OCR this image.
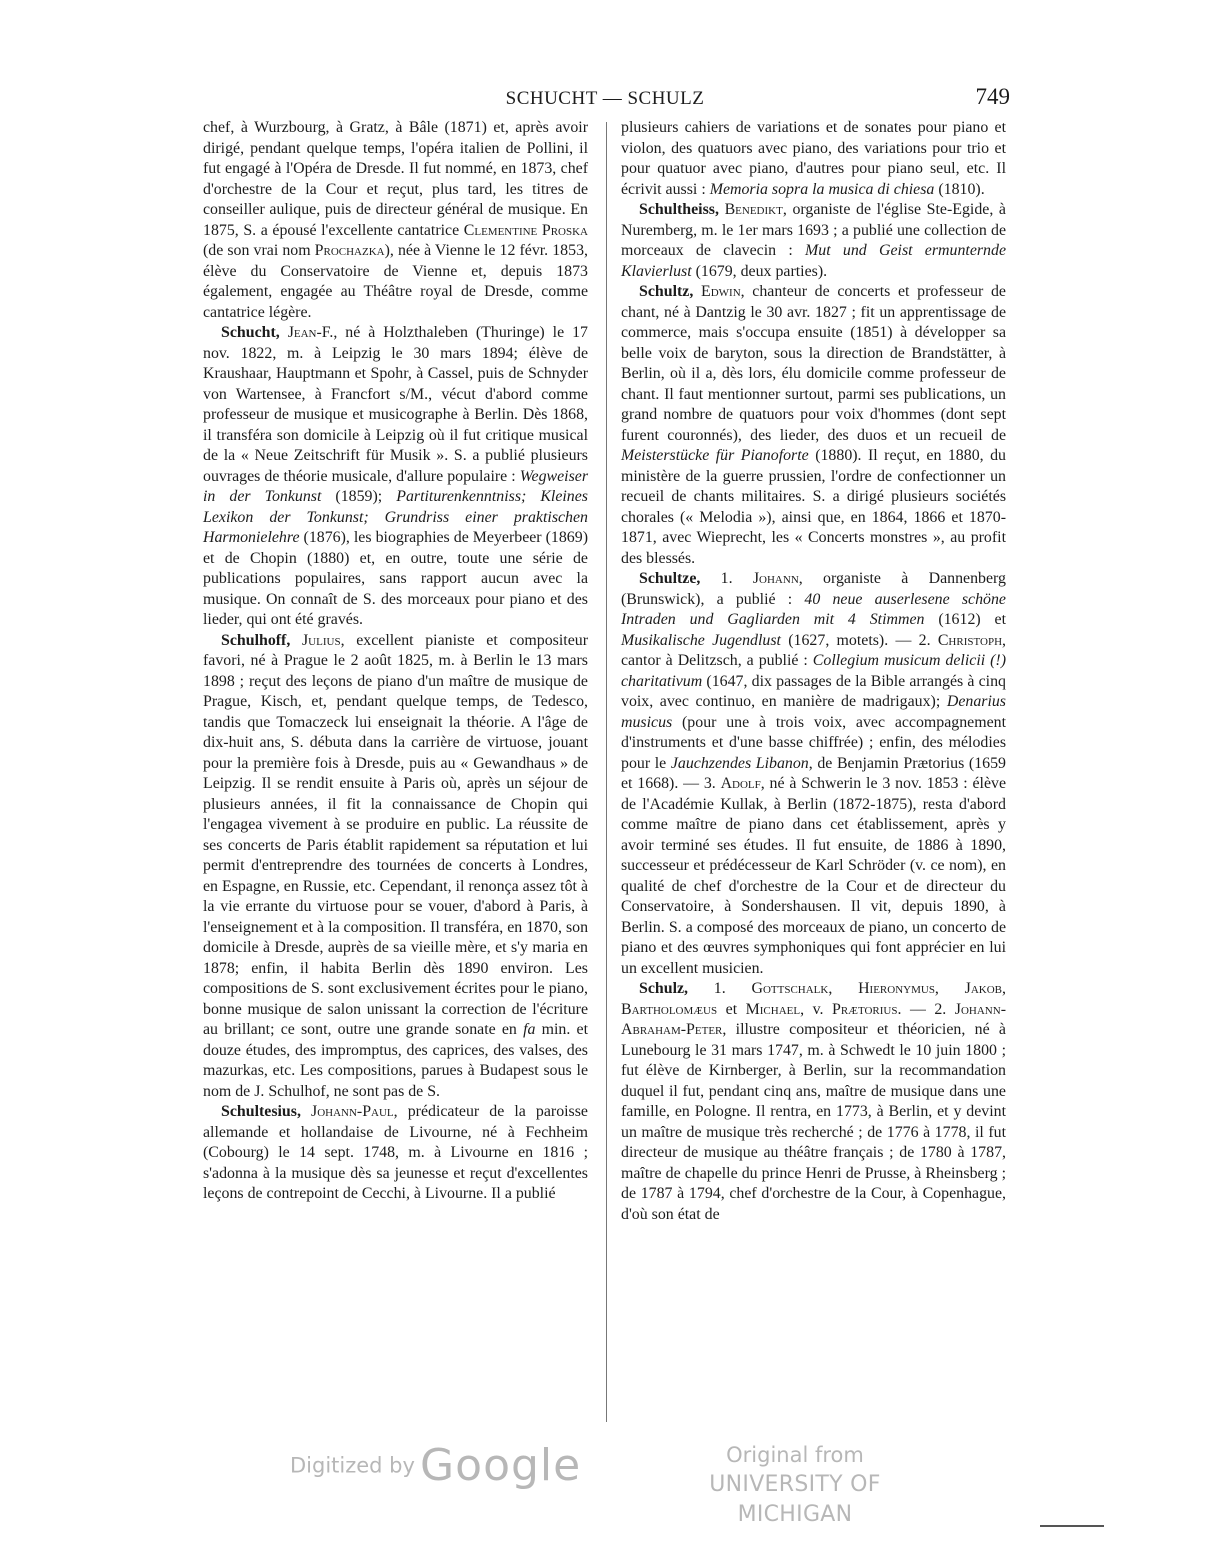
SCHUCHT — SCHULZ	749

chef, à Wurzbourg, à Gratz, à Bâle (1871) et, après avoir dirigé, pendant quelque temps, l'opéra italien de Pollini, il fut engagé à l'Opéra de Dresde. Il fut nommé, en 1873, chef d'orchestre de la Cour et reçut, plus tard, les titres de conseiller aulique, puis de directeur général de musique. En 1875, S. a épousé l'excellente cantatrice Clementine Proska (de son vrai nom Prochazka), née à Vienne le 12 févr. 1853, élève du Conservatoire de Vienne et, depuis 1873 également, engagée au Théâtre royal de Dresde, comme cantatrice légère.

Schucht, Jean-F., né à Holzthaleben (Thuringe) le 17 nov. 1822, m. à Leipzig le 30 mars 1894; élève de Kraushaar, Hauptmann et Spohr, à Cassel, puis de Schnyder von Wartensee, à Francfort s/M., vécut d'abord comme professeur de musique et musicographe à Berlin. Dès 1868, il transféra son domicile à Leipzig où il fut critique musical de la « Neue Zeitschrift für Musik ». S. a publié plusieurs ouvrages de théorie musicale, d'allure populaire : Wegweiser in der Tonkunst (1859); Partiturenkenntniss; Kleines Lexikon der Tonkunst; Grundriss einer praktischen Harmonielehre (1876), les biographies de Meyerbeer (1869) et de Chopin (1880) et, en outre, toute une série de publications populaires, sans rapport aucun avec la musique. On connaît de S. des morceaux pour piano et des lieder, qui ont été gravés.

Schulhoff, Julius, excellent pianiste et compositeur favori, né à Prague le 2 août 1825, m. à Berlin le 13 mars 1898 ; reçut des leçons de piano d'un maître de musique de Prague, Kisch, et, pendant quelque temps, de Tedesco, tandis que Tomaczeck lui enseignait la théorie. A l'âge de dix-huit ans, S. débuta dans la carrière de virtuose, jouant pour la première fois à Dresde, puis au « Gewandhaus » de Leipzig. Il se rendit ensuite à Paris où, après un séjour de plusieurs années, il fit la connaissance de Chopin qui l'engagea vivement à se produire en public. La réussite de ses concerts de Paris établit rapidement sa réputation et lui permit d'entreprendre des tournées de concerts à Londres, en Espagne, en Russie, etc. Cependant, il renonça assez tôt à la vie errante du virtuose pour se vouer, d'abord à Paris, à l'enseignement et à la composition. Il transféra, en 1870, son domicile à Dresde, auprès de sa vieille mère, et s'y maria en 1878; enfin, il habita Berlin dès 1890 environ. Les compositions de S. sont exclusivement écrites pour le piano, bonne musique de salon unissant la correction de l'écriture au brillant; ce sont, outre une grande sonate en fa min. et douze études, des impromptus, des caprices, des valses, des mazurkas, etc. Les compositions, parues à Budapest sous le nom de J. Schulhof, ne sont pas de S.

Schultesius, Johann-Paul, prédicateur de la paroisse allemande et hollandaise de Livourne, né à Fechheim (Cobourg) le 14 sept. 1748, m. à Livourne en 1816 ; s'adonna à la musique dès sa jeunesse et reçut d'excellentes leçons de contrepoint de Cecchi, à Livourne. Il a publié

plusieurs cahiers de variations et de sonates pour piano et violon, des quatuors avec piano, des variations pour trio et pour quatuor avec piano, d'autres pour piano seul, etc. Il écrivit aussi : Memoria sopra la musica di chiesa (1810).

Schultheiss, Benedikt, organiste de l'église Ste-Egide, à Nuremberg, m. le 1er mars 1693 ; a publié une collection de morceaux de clavecin : Mut und Geist ermunternde Klavierlust (1679, deux parties).

Schultz, Edwin, chanteur de concerts et professeur de chant, né à Dantzig le 30 avr. 1827 ; fit un apprentissage de commerce, mais s'occupa ensuite (1851) à développer sa belle voix de baryton, sous la direction de Brandstätter, à Berlin, où il a, dès lors, élu domicile comme professeur de chant. Il faut mentionner surtout, parmi ses publications, un grand nombre de quatuors pour voix d'hommes (dont sept furent couronnés), des lieder, des duos et un recueil de Meisterstücke für Pianoforte (1880). Il reçut, en 1880, du ministère de la guerre prussien, l'ordre de confectionner un recueil de chants militaires. S. a dirigé plusieurs sociétés chorales (« Melodia »), ainsi que, en 1864, 1866 et 1870-1871, avec Wieprecht, les « Concerts monstres », au profit des blessés.

Schultze, 1. Johann, organiste à Dannenberg (Brunswick), a publié : 40 neue auserlesene schöne Intraden und Gagliarden mit 4 Stimmen (1612) et Musikalische Jugendlust (1627, motets). — 2. Christoph, cantor à Delitzsch, a publié : Collegium musicum delicii (!) charitativum (1647, dix passages de la Bible arrangés à cinq voix, avec continuo, en manière de madrigaux); Denarius musicus (pour une à trois voix, avec accompagnement d'instruments et d'une basse chiffrée) ; enfin, des mélodies pour le Jauchzendes Libanon, de Benjamin Prætorius (1659 et 1668). — 3. Adolf, né à Schwerin le 3 nov. 1853 : élève de l'Académie Kullak, à Berlin (1872-1875), resta d'abord comme maître de piano dans cet établissement, après y avoir terminé ses études. Il fut ensuite, de 1886 à 1890, successeur et prédécesseur de Karl Schröder (v. ce nom), en qualité de chef d'orchestre de la Cour et de directeur du Conservatoire, à Sondershausen. Il vit, depuis 1890, à Berlin. S. a composé des morceaux de piano, un concerto de piano et des œuvres symphoniques qui font apprécier en lui un excellent musicien.

Schulz, 1. Gottschalk, Hieronymus, Jakob, Bartholomæus et Michael, v. Prætorius. — 2. Johann-Abraham-Peter, illustre compositeur et théoricien, né à Lunebourg le 31 mars 1747, m. à Schwedt le 10 juin 1800 ; fut élève de Kirnberger, à Berlin, sur la recommandation duquel il fut, pendant cinq ans, maître de musique dans une famille, en Pologne. Il rentra, en 1773, à Berlin, et y devint un maître de musique très recherché ; de 1776 à 1778, il fut directeur de musique au théâtre français ; de 1780 à 1787, maître de chapelle du prince Henri de Prusse, à Rheinsberg ; de 1787 à 1794, chef d'orchestre de la Cour, à Copenhague, d'où son état de

Digitized by Google	Original from
UNIVERSITY OF MICHIGAN
